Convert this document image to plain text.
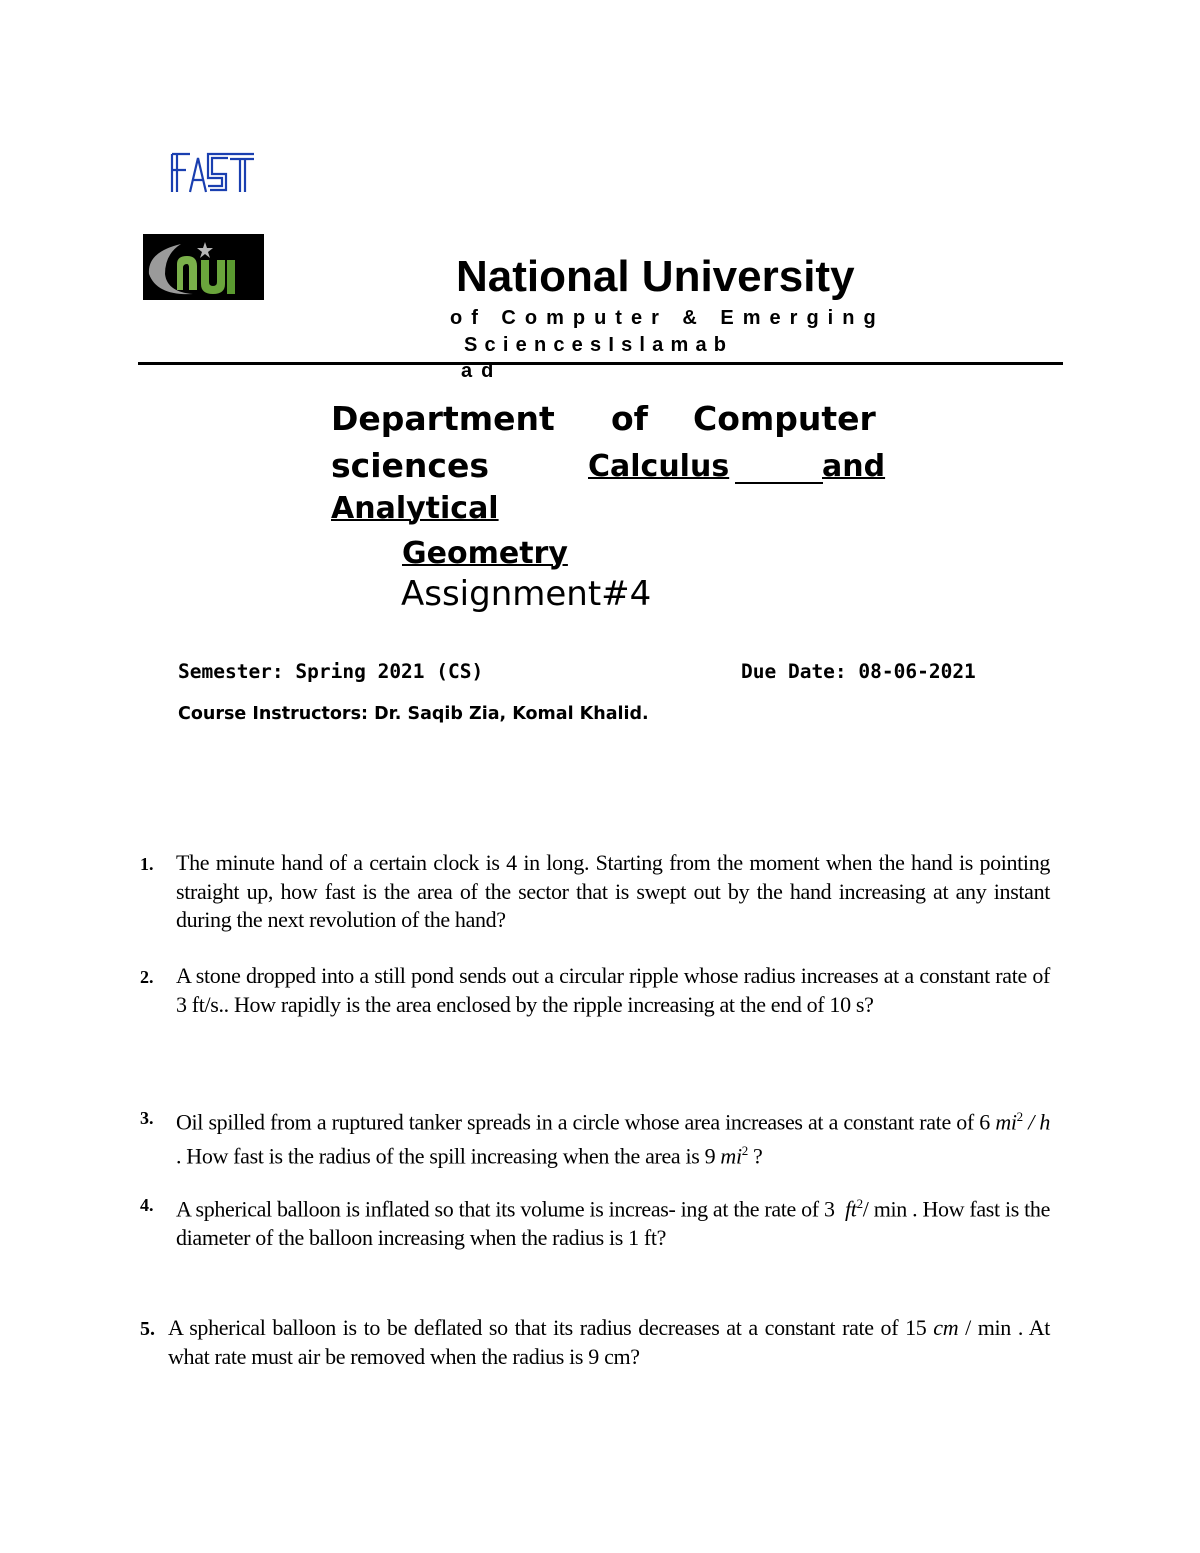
FAST
National University
of Computer & Emerging
SciencesIslamab
ad
Department of Computer
sciences	Calculus	and
Analytical
Geometry
Assignment#4
Semester: Spring 2021 (CS)	Due Date: 08-06-2021
Course Instructors: Dr. Saqib Zia, Komal Khalid.
1. The minute hand of a certain clock is 4 in long. Starting from the moment when the hand is pointing straight up, how fast is the area of the sector that is swept out by the hand increasing at any instant during the next revolution of the hand?
2. A stone dropped into a still pond sends out a circular ripple whose radius increases at a constant rate of 3 ft/s.. How rapidly is the area enclosed by the ripple increasing at the end of 10 s?
3. Oil spilled from a ruptured tanker spreads in a circle whose area increases at a constant rate of 6 $mi^2$ / h . How fast is the radius of the spill increasing when the area is 9 $mi^2$ ?
4. A spherical balloon is inflated so that its volume is increas- ing at the rate of 3 $ft^2/$ min . How fast is the diameter of the balloon increasing when the radius is 1 ft?
5. A spherical balloon is to be deflated so that its radius decreases at a constant rate of 15 cm / min . At what rate must air be removed when the radius is 9 cm?
